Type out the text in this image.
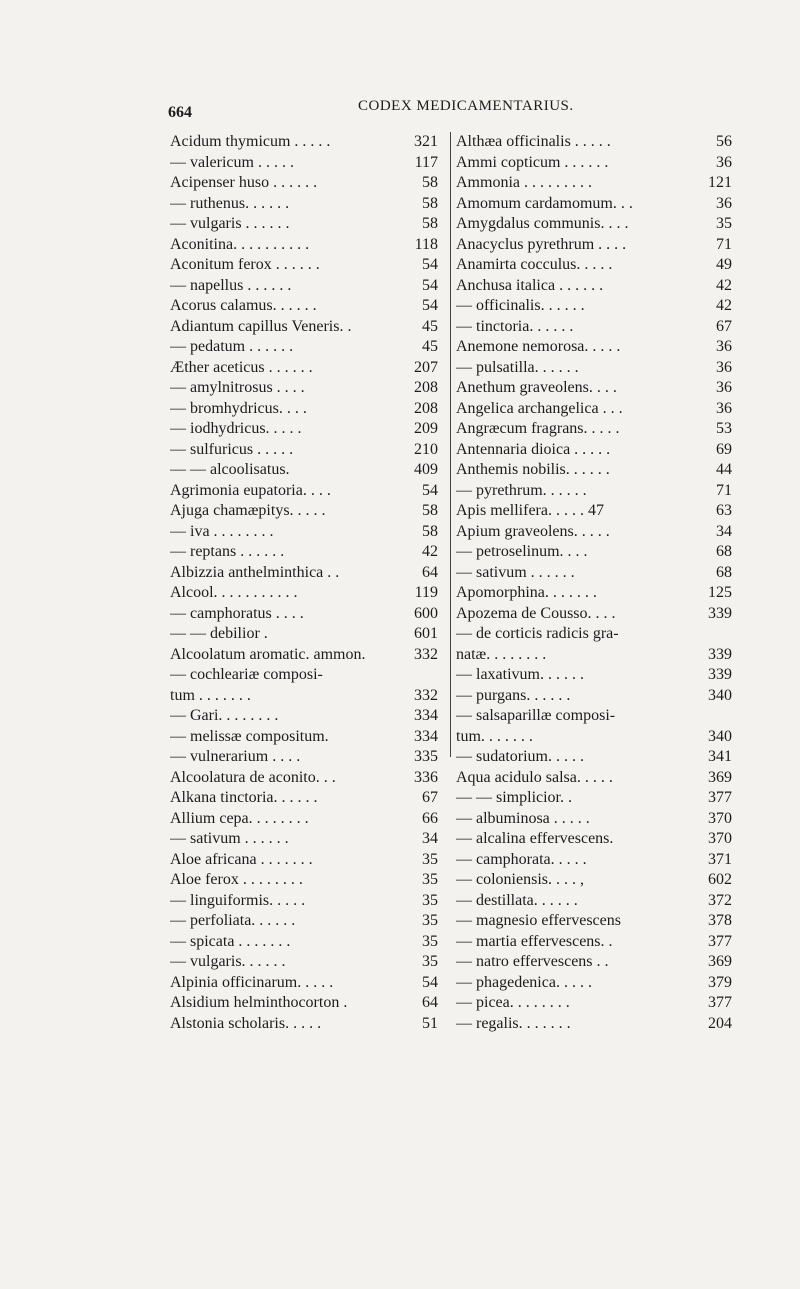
664	CODEX MEDICAMENTARIUS.
Acidum thymicum . . . . .	321
— valericum . . . . .	117
Acipenser huso . . . . . .	58
— ruthenus. . . . . .	58
— vulgaris . . . . . .	58
Aconitina. . . . . . . . . .	118
Aconitum ferox . . . . . .	54
— napellus . . . . . .	54
Acorus calamus. . . . . .	54
Adiantum capillus Veneris. .	45
— pedatum . . . . . .	45
Æther aceticus . . . . . .	207
— amylnitrosus . . . .	208
— bromhydricus. . . .	208
— iodhydricus. . . . .	209
— sulfuricus . . . . .	210
— — alcoolisatus.	409
Agrimonia eupatoria. . . .	54
Ajuga chamæpitys. . . . .	58
— iva . . . . . . . .	58
— reptans . . . . . .	42
Albizzia anthelminthica . .	64
Alcool. . . . . . . . . . .	119
— camphoratus . . . .	600
— — debilior .	601
Alcoolatum aromatic. ammon.	332
— cochleariæ composi-
tum . . . . . . .	332
— Gari. . . . . . . .	334
— melissæ compositum.	334
— vulnerarium . . . .	335
Alcoolatura de aconito. . .	336
Alkana tinctoria. . . . . .	67
Allium cepa. . . . . . . .	66
— sativum . . . . . .	34
Aloe africana . . . . . . .	35
Aloe ferox . . . . . . . .	35
— linguiformis. . . . .	35
— perfoliata. . . . . .	35
— spicata . . . . . . .	35
— vulgaris. . . . . .	35
Alpinia officinarum. . . . .	54
Alsidium helminthocorton .	64
Alstonia scholaris. . . . .	51
Althæa officinalis . . . . .	56
Ammi copticum . . . . . .	36
Ammonia . . . . . . . . .	121
Amomum cardamomum. . .	36
Amygdalus communis. . . .	35
Anacyclus pyrethrum . . . .	71
Anamirta cocculus. . . . .	49
Anchusa italica . . . . . .	42
— officinalis. . . . . .	42
— tinctoria. . . . . .	67
Anemone nemorosa. . . . .	36
— pulsatilla. . . . . .	36
Anethum graveolens. . . .	36
Angelica archangelica . . .	36
Angræcum fragrans. . . . .	53
Antennaria dioica . . . . .	69
Anthemis nobilis. . . . . .	44
— pyrethrum. . . . . .	71
Apis mellifera. . . . . 47	63
Apium graveolens. . . . .	34
— petroselinum. . . .	68
— sativum . . . . . .	68
Apomorphina. . . . . . .	125
Apozema de Cousso. . . .	339
— de corticis radicis gra-
natæ. . . . . . . .	339
— laxativum. . . . . .	339
— purgans. . . . . .	340
— salsaparillæ composi-
tum. . . . . . .	340
— sudatorium. . . . .	341
Aqua acidulo salsa. . . . .	369
— — simplicior. .	377
— albuminosa . . . . .	370
— alcalina effervescens.	370
— camphorata. . . . .	371
— coloniensis. . . . ,	602
— destillata. . . . . .	372
— magnesio effervescens	378
— martia effervescens. .	377
— natro effervescens . .	369
— phagedenica. . . . .	379
— picea. . . . . . . .	377
— regalis. . . . . . .	204
